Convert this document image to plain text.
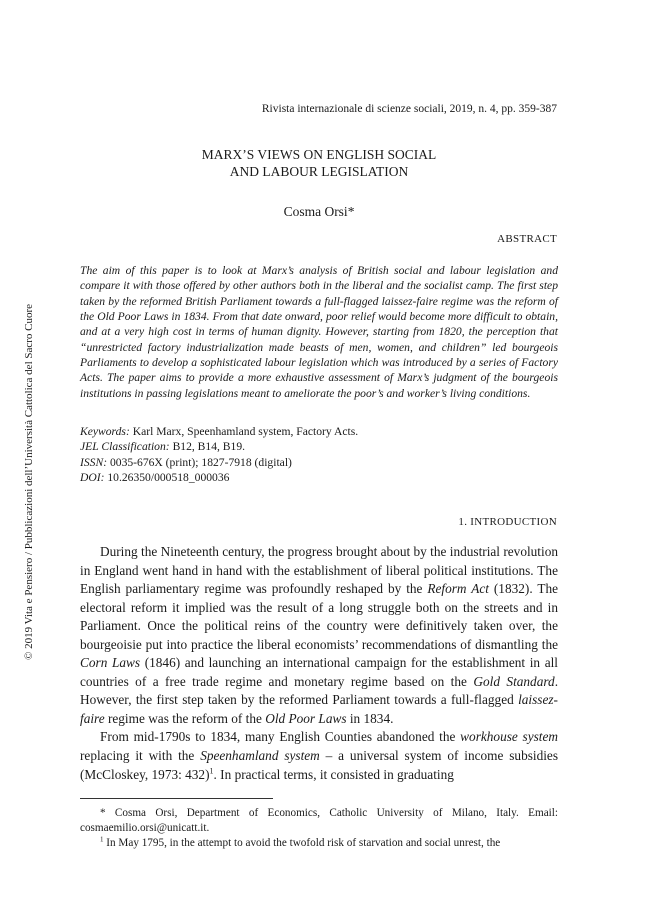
Rivista internazionale di scienze sociali, 2019, n. 4, pp. 359-387
MARX’S VIEWS ON ENGLISH SOCIAL
AND LABOUR LEGISLATION
Cosma Orsi*
ABSTRACT

The aim of this paper is to look at Marx’s analysis of British social and labour legislation and compare it with those offered by other authors both in the liberal and the socialist camp. The first step taken by the reformed British Parliament towards a full-flagged laissez-faire regime was the reform of the Old Poor Laws in 1834. From that date onward, poor relief would become more difficult to obtain, and at a very high cost in terms of human dignity. However, starting from 1820, the perception that “unrestricted factory industrialization made beasts of men, women, and children” led bourgeois Parliaments to develop a sophisticated labour legislation which was introduced by a series of Factory Acts. The paper aims to provide a more exhaustive assessment of Marx’s judgment of the bourgeois institutions in passing legislations meant to ameliorate the poor’s and worker’s living conditions.

Keywords: Karl Marx, Speenhamland system, Factory Acts.
JEL Classification: B12, B14, B19.
ISSN: 0035-676X (print); 1827-7918 (digital)
DOI: 10.26350/000518_000036
1. INTRODUCTION

During the Nineteenth century, the progress brought about by the industrial revolution in England went hand in hand with the establishment of liberal political institutions. The English parliamentary regime was profoundly reshaped by the Reform Act (1832). The electoral reform it implied was the result of a long struggle both on the streets and in Parliament. Once the political reins of the country were definitively taken over, the bourgeoisie put into practice the liberal economists’ recommendations of dismantling the Corn Laws (1846) and launching an international campaign for the establishment in all countries of a free trade regime and monetary regime based on the Gold Standard. However, the first step taken by the reformed Parliament towards a full-flagged laissez-faire regime was the reform of the Old Poor Laws in 1834.

From mid-1790s to 1834, many English Counties abandoned the workhouse system replacing it with the Speenhamland system – a universal system of income subsidies (McCloskey, 1973: 432)$^1$. In practical terms, it consisted in graduating

* Cosma Orsi, Department of Economics, Catholic University of Milano, Italy. Email: cosmaemilio.orsi@unicatt.it.

$^1$ In May 1795, in the attempt to avoid the twofold risk of starvation and social unrest, the

© 2019 Vita e Pensiero / Pubblicazioni dell’Università Cattolica del Sacro Cuore
